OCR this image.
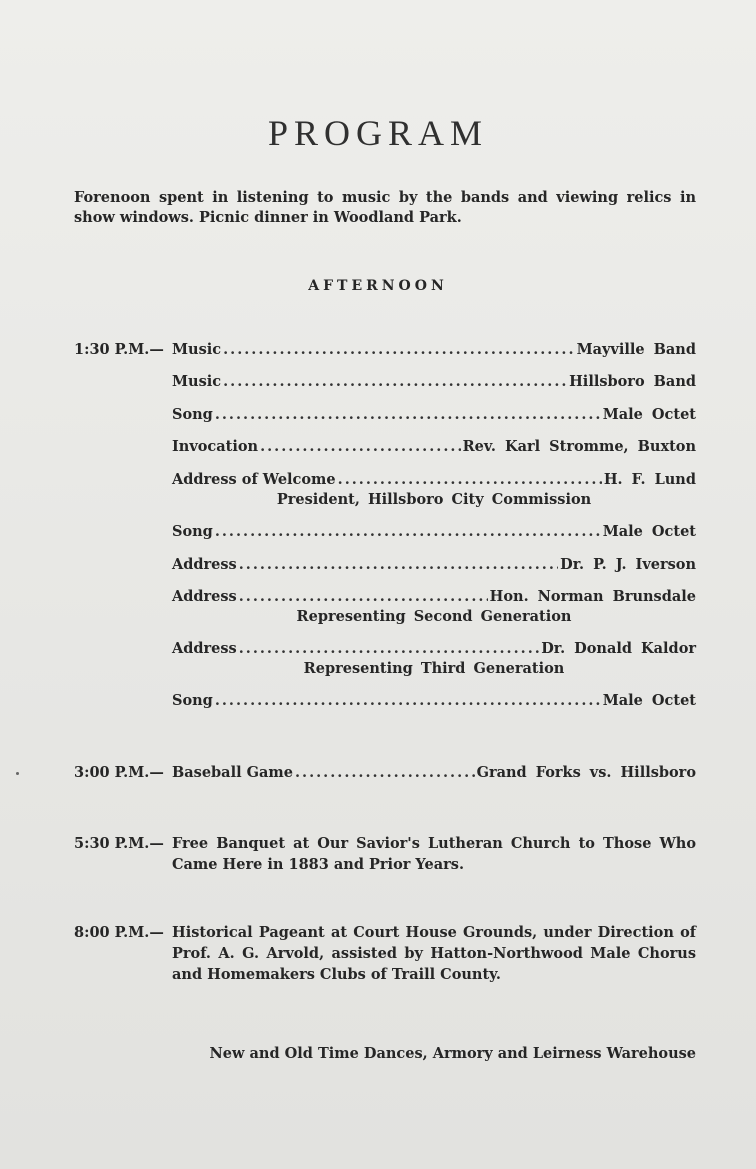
PROGRAM
Forenoon spent in listening to music by the bands and viewing relics in show windows. Picnic dinner in Woodland Park.
AFTERNOON
1:30 P.M.— Music .....	Mayville Band
Music .....	Hillsboro Band
Song .....	Male Octet
Invocation .....	Rev. Karl Stromme, Buxton
Address of Welcome .....	H. F. Lund
President, Hillsboro City Commission
Song .....	Male Octet
Address .....	Dr. P. J. Iverson
Address .....	Hon. Norman Brunsdale
Representing Second Generation
Address .....	Dr. Donald Kaldor
Representing Third Generation
Song .....	Male Octet
3:00 P.M.— Baseball Game .....	Grand Forks vs. Hillsboro
5:30 P.M.— Free Banquet at Our Savior's Lutheran Church to Those Who Came Here in 1883 and Prior Years.
8:00 P.M.— Historical Pageant at Court House Grounds, under Direction of Prof. A. G. Arvold, assisted by Hatton-Northwood Male Chorus and Homemakers Clubs of Traill County.
New and Old Time Dances, Armory and Leirness Warehouse
